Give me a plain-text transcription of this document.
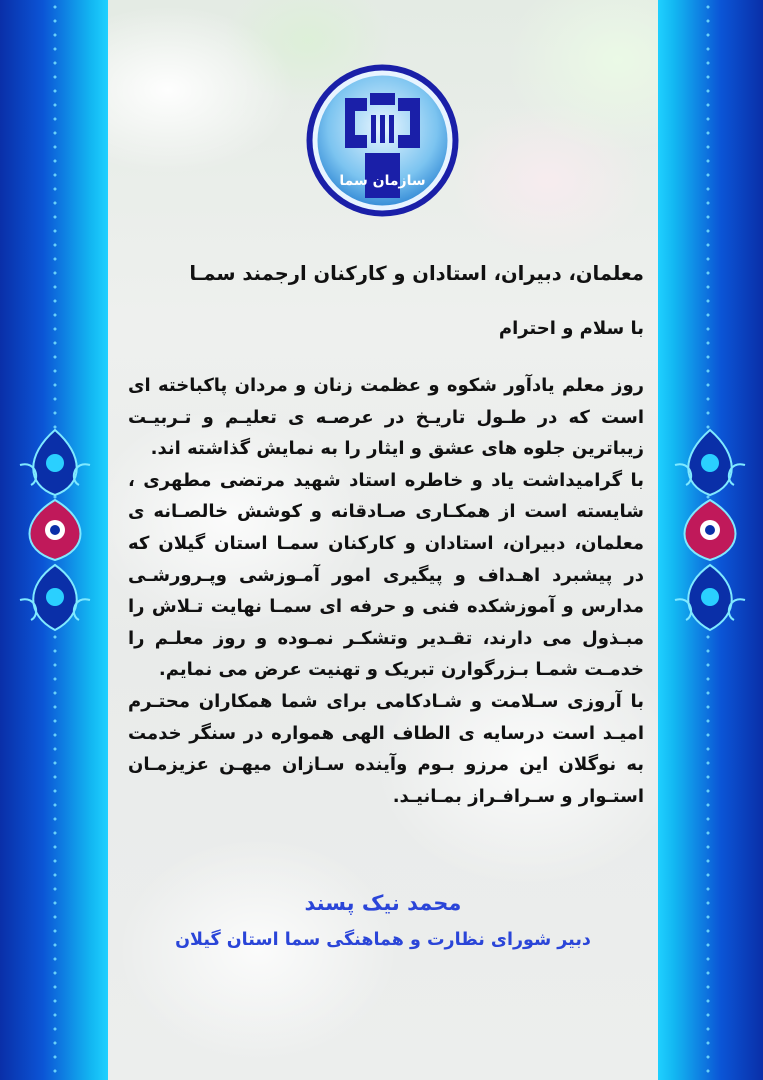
سازمان سما
معلمان، دبیران، استادان و کارکنان ارجمند سمـا
با سلام و احترام

روز معلم یادآور شکوه و عظمت زنان و مردان پاکباخته ای است که در طـول تاریـخ در عرصـه ی تعلیـم و تـربیـت زیباترین جلوه های عشق و ایثار را به نمایش گذاشته اند.

با گرامیداشت یاد و خاطره استاد شهید مرتضی مطهری ، شایسته است از همکـاری صـادقانه و کوشش خالصـانه ی معلمان، دبیران، استادان و کارکنان سمـا استان گیلان که در پیشبرد اهـداف و پیگیری امور آمـوزشی وپـرورشـی مدارس و آموزشکده فنی و حرفه ای سمـا نهایت تـلاش را مبـذول می دارند، تقـدیر وتشکـر نمـوده و روز معلـم را خدمـت شمـا بـزرگوارن تبریک و تهنیت عرض می نمایم.

با آروزی سـلامت و شـادکامی برای شما همکاران محتـرم امیـد است درسایه ی الطاف الهی همواره در سنگر خدمت به نوگلان این مرزو بـوم وآینده سـازان میهـن عزیزمـان استـوار و سـرافـراز بمـانیـد.

محمد نیک پسند
دبیر شورای نظارت و هماهنگی سما استان گیلان
